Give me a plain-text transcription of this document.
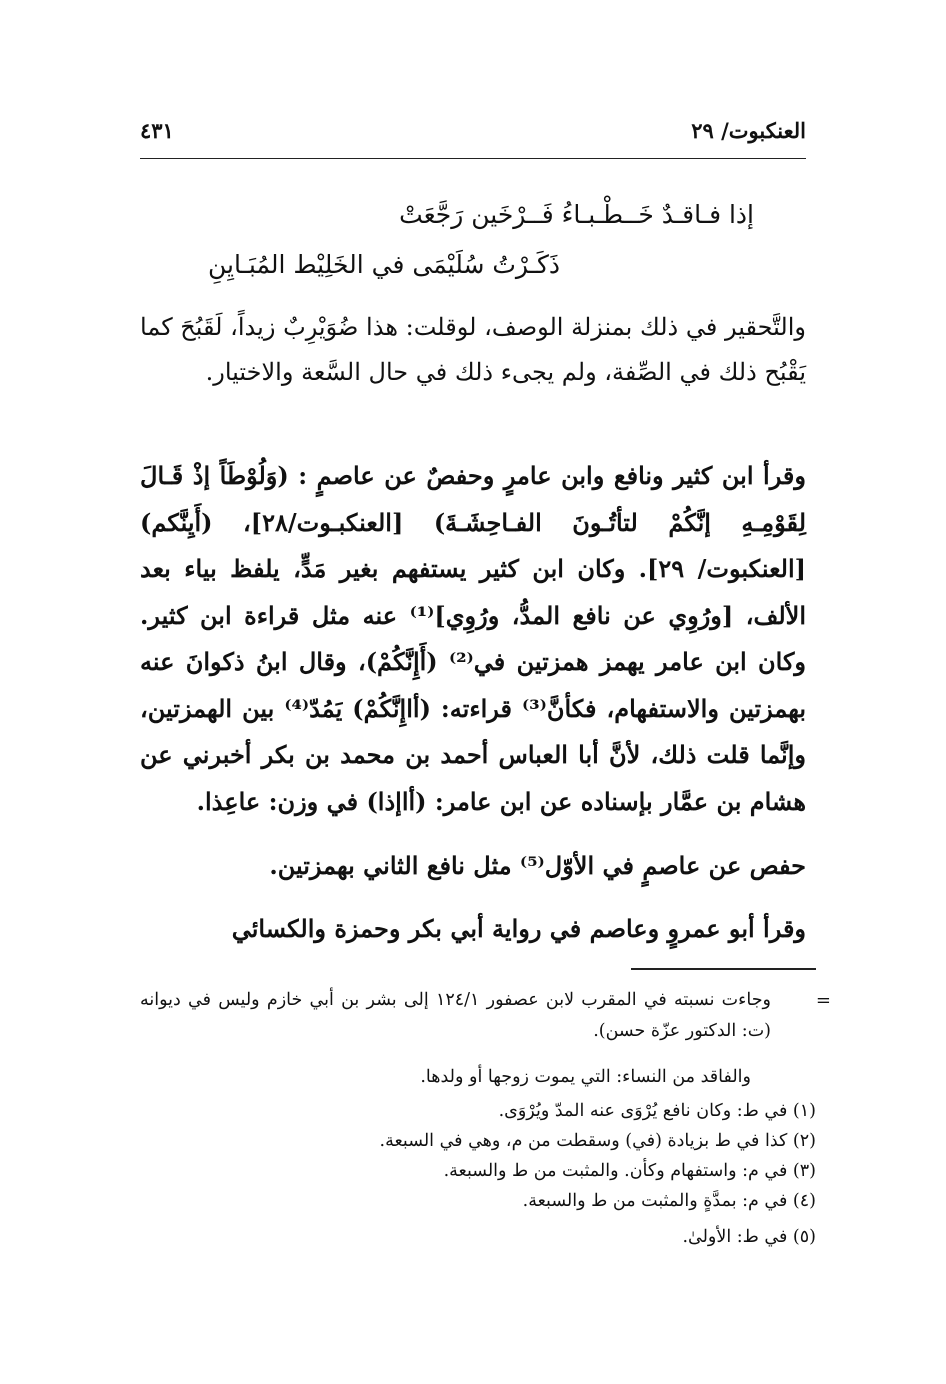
العنكبوت/ ٢٩
٤٣١
إذا فـاقـدٌ خَــطْـبـاءُ فَــرْخَين رَجَّعَتْ
ذَكَـرْتُ سُلَيْمَى في الخَلِيْط المُبَـايِنِ
والتَّحقير في ذلك بمنزلة الوصف، لوقلت: هذا ضُوَيْرِبٌ زيداً، لَقَبُحَ كما يَقْبُح ذلك في الصِّفة، ولم يجىء ذلك في حال السَّعة والاختيار.
وقرأ ابن كثير ونافع وابن عامرٍ وحفصٌ عن عاصمٍ : (وَلُوْطَاً إذْ قَـالَ لِقَوْمِـهِ إنَّكُمْ لتأتُـونَ الفـاحِشَـةَ) [العنكبـوت/٢٨]، (أَيِنَّكم) [العنكبوت/ ٢٩]. وكان ابن كثير يستفهم بغير مَدٍّ، يلفظ بياء بعد الألف، [ورُوِي عن نافع المدُّ، ورُوِي]⁽¹⁾ عنه مثل قراءة ابن كثير. وكان ابن عامر يهمز همزتين في⁽²⁾ (أَإِنَّكُمْ)، وقال ابنُ ذكوانَ عنه بهمزتين والاستفهام، فكأنَّ⁽³⁾ قراءته: (أاإِنَّكُمْ) يَمُدّ⁽⁴⁾ بين الهمزتين، وإنَّما قلت ذلك، لأنَّ أبا العباس أحمد بن محمد بن بكر أخبرني عن هشام بن عمَّار بإسناده عن ابن عامر: (أاإذا) في وزن: عاعِذا.
حفص عن عاصمٍ في الأوّل⁽⁵⁾ مثل نافع الثاني بهمزتين.
وقرأ أبو عمروٍ وعاصم في رواية أبي بكر وحمزة والكسائي
=
وجاءت نسبته في المقرب لابن عصفور ١٢٤/١ إلى بشر بن أبي خازم وليس في ديوانه (ت: الدكتور عزّة حسن).
والفاقد من النساء: التي يموت زوجها أو ولدها.
(١) في ط: وكان نافع يُرْوَى عنه المدّ ويُرْوَى.
(٢) كذا في ط بزيادة (في) وسقطت من م، وهي في السبعة.
(٣) في م: واستفهام وكأن. والمثبت من ط والسبعة.
(٤) في م: بمدَّةٍ والمثبت من ط والسبعة.
(٥) في ط: الأولىٰ.
